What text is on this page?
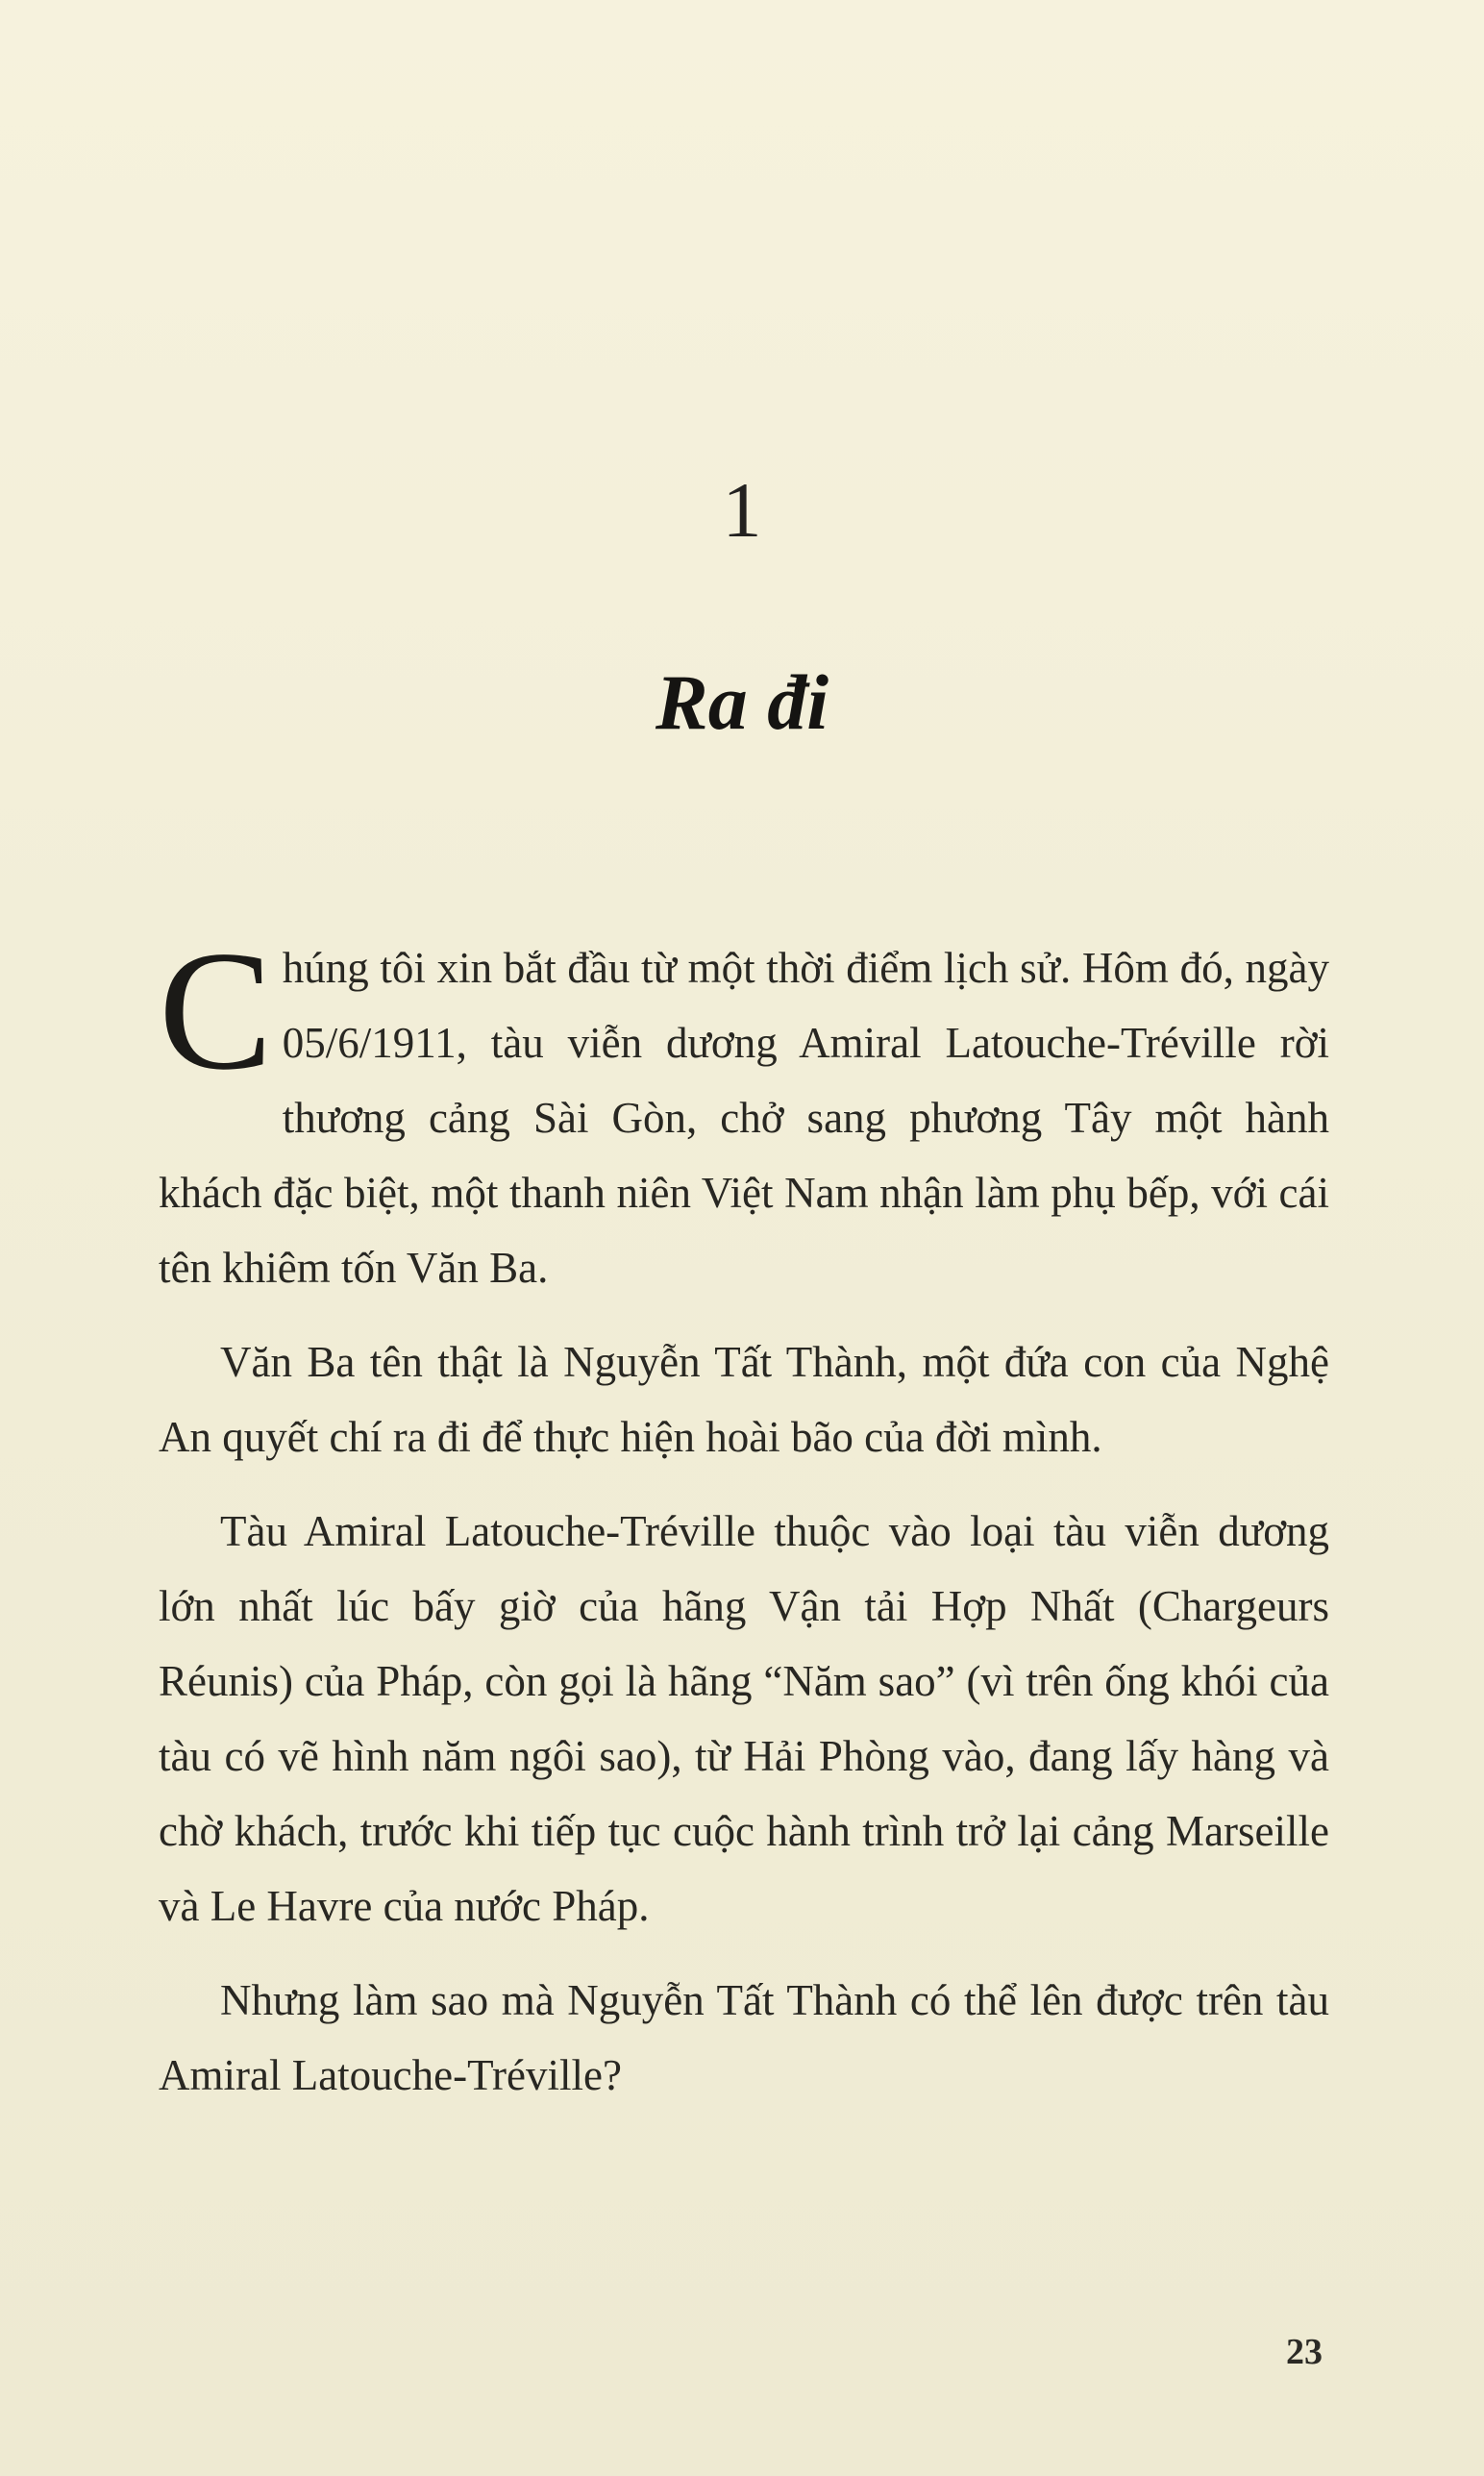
1
Ra đi

Chúng tôi xin bắt đầu từ một thời điểm lịch sử. Hôm đó, ngày 05/6/1911, tàu viễn dương Amiral Latouche-Tréville rời thương cảng Sài Gòn, chở sang phương Tây một hành khách đặc biệt, một thanh niên Việt Nam nhận làm phụ bếp, với cái tên khiêm tốn Văn Ba.

Văn Ba tên thật là Nguyễn Tất Thành, một đứa con của Nghệ An quyết chí ra đi để thực hiện hoài bão của đời mình.

Tàu Amiral Latouche-Tréville thuộc vào loại tàu viễn dương lớn nhất lúc bấy giờ của hãng Vận tải Hợp Nhất (Chargeurs Réunis) của Pháp, còn gọi là hãng “Năm sao” (vì trên ống khói của tàu có vẽ hình năm ngôi sao), từ Hải Phòng vào, đang lấy hàng và chờ khách, trước khi tiếp tục cuộc hành trình trở lại cảng Marseille và Le Havre của nước Pháp.

Nhưng làm sao mà Nguyễn Tất Thành có thể lên được trên tàu Amiral Latouche-Tréville?

23
